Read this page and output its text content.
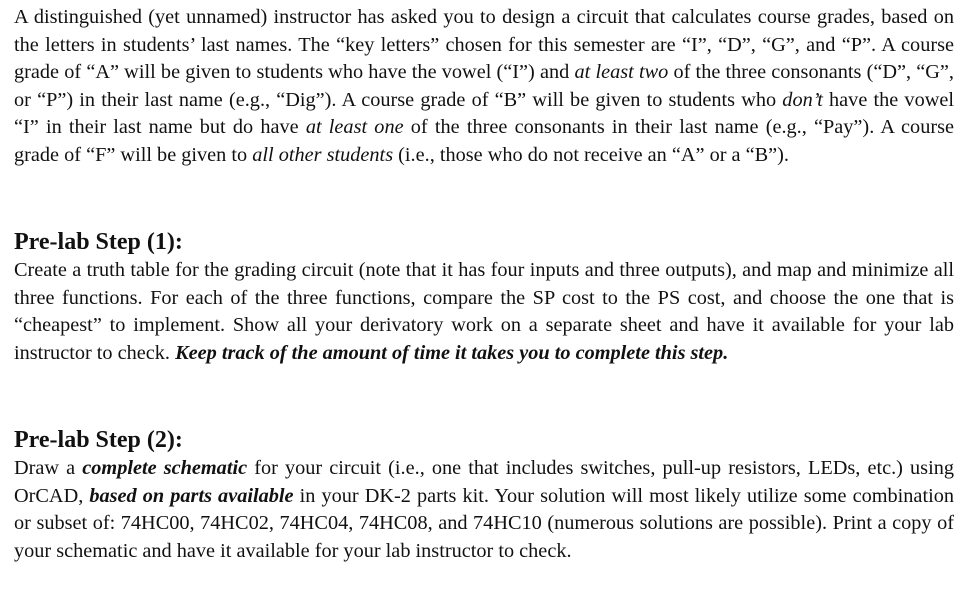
A distinguished (yet unnamed) instructor has asked you to design a circuit that calculates course grades, based on the letters in students’ last names. The “key letters” chosen for this semester are “I”, “D”, “G”, and “P”. A course grade of “A” will be given to students who have the vowel (“I”) and at least two of the three consonants (“D”, “G”, or “P”) in their last name (e.g., “Dig”). A course grade of “B” will be given to students who don’t have the vowel “I” in their last name but do have at least one of the three consonants in their last name (e.g., “Pay”). A course grade of “F” will be given to all other students (i.e., those who do not receive an “A” or a “B”).

Pre-lab Step (1):

Create a truth table for the grading circuit (note that it has four inputs and three outputs), and map and minimize all three functions. For each of the three functions, compare the SP cost to the PS cost, and choose the one that is “cheapest” to implement. Show all your derivatory work on a separate sheet and have it available for your lab instructor to check. Keep track of the amount of time it takes you to complete this step.

Pre-lab Step (2):

Draw a complete schematic for your circuit (i.e., one that includes switches, pull-up resistors, LEDs, etc.) using OrCAD, based on parts available in your DK-2 parts kit. Your solution will most likely utilize some combination or subset of: 74HC00, 74HC02, 74HC04, 74HC08, and 74HC10 (numerous solutions are possible). Print a copy of your schematic and have it available for your lab instructor to check.
